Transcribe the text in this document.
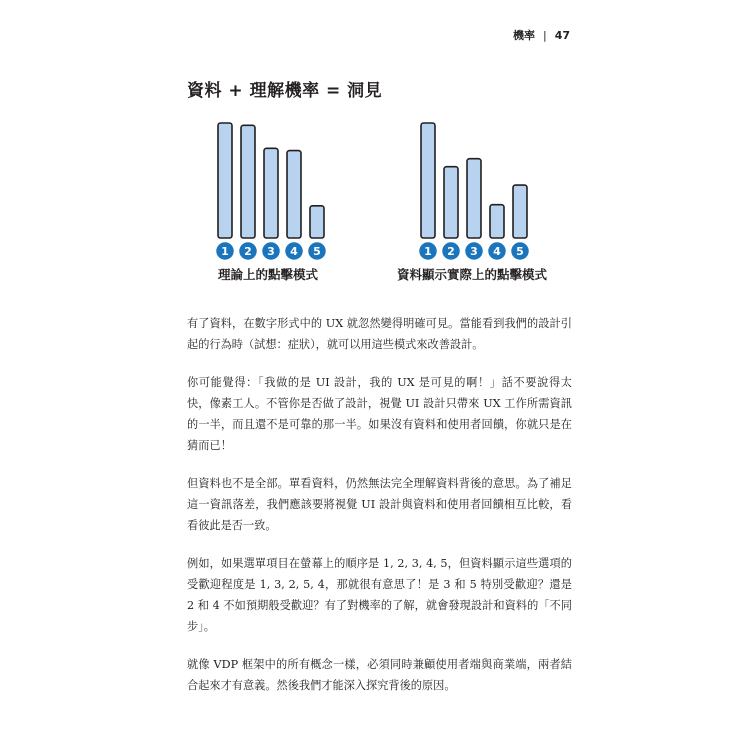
機率 | 47
資料 + 理解機率 = 洞見
1 2 3 4 5	1 2 3 4 5
理論上的點擊模式	資料顯示實際上的點擊模式

有了資料，在數字形式中的 UX 就忽然變得明確可見。當能看到我們的設計引起的行為時（試想：症狀），就可以用這些模式來改善設計。

你可能覺得：「我做的是 UI 設計，我的 UX 是可見的啊！」話不要說得太快，像素工人。不管你是否做了設計，視覺 UI 設計只帶來 UX 工作所需資訊的一半，而且還不是可靠的那一半。如果沒有資料和使用者回饋，你就只是在猜而已！

但資料也不是全部。單看資料，仍然無法完全理解資料背後的意思。為了補足這一資訊落差，我們應該要將視覺 UI 設計與資料和使用者回饋相互比較，看看彼此是否一致。

例如，如果選單項目在螢幕上的順序是 1, 2, 3, 4, 5，但資料顯示這些選項的受歡迎程度是 1, 3, 2, 5, 4，那就很有意思了！是 3 和 5 特別受歡迎？還是 2 和 4 不如預期般受歡迎？有了對機率的了解，就會發現設計和資料的「不同步」。

就像 VDP 框架中的所有概念一樣，必須同時兼顧使用者端與商業端，兩者結合起來才有意義。然後我們才能深入探究背後的原因。
